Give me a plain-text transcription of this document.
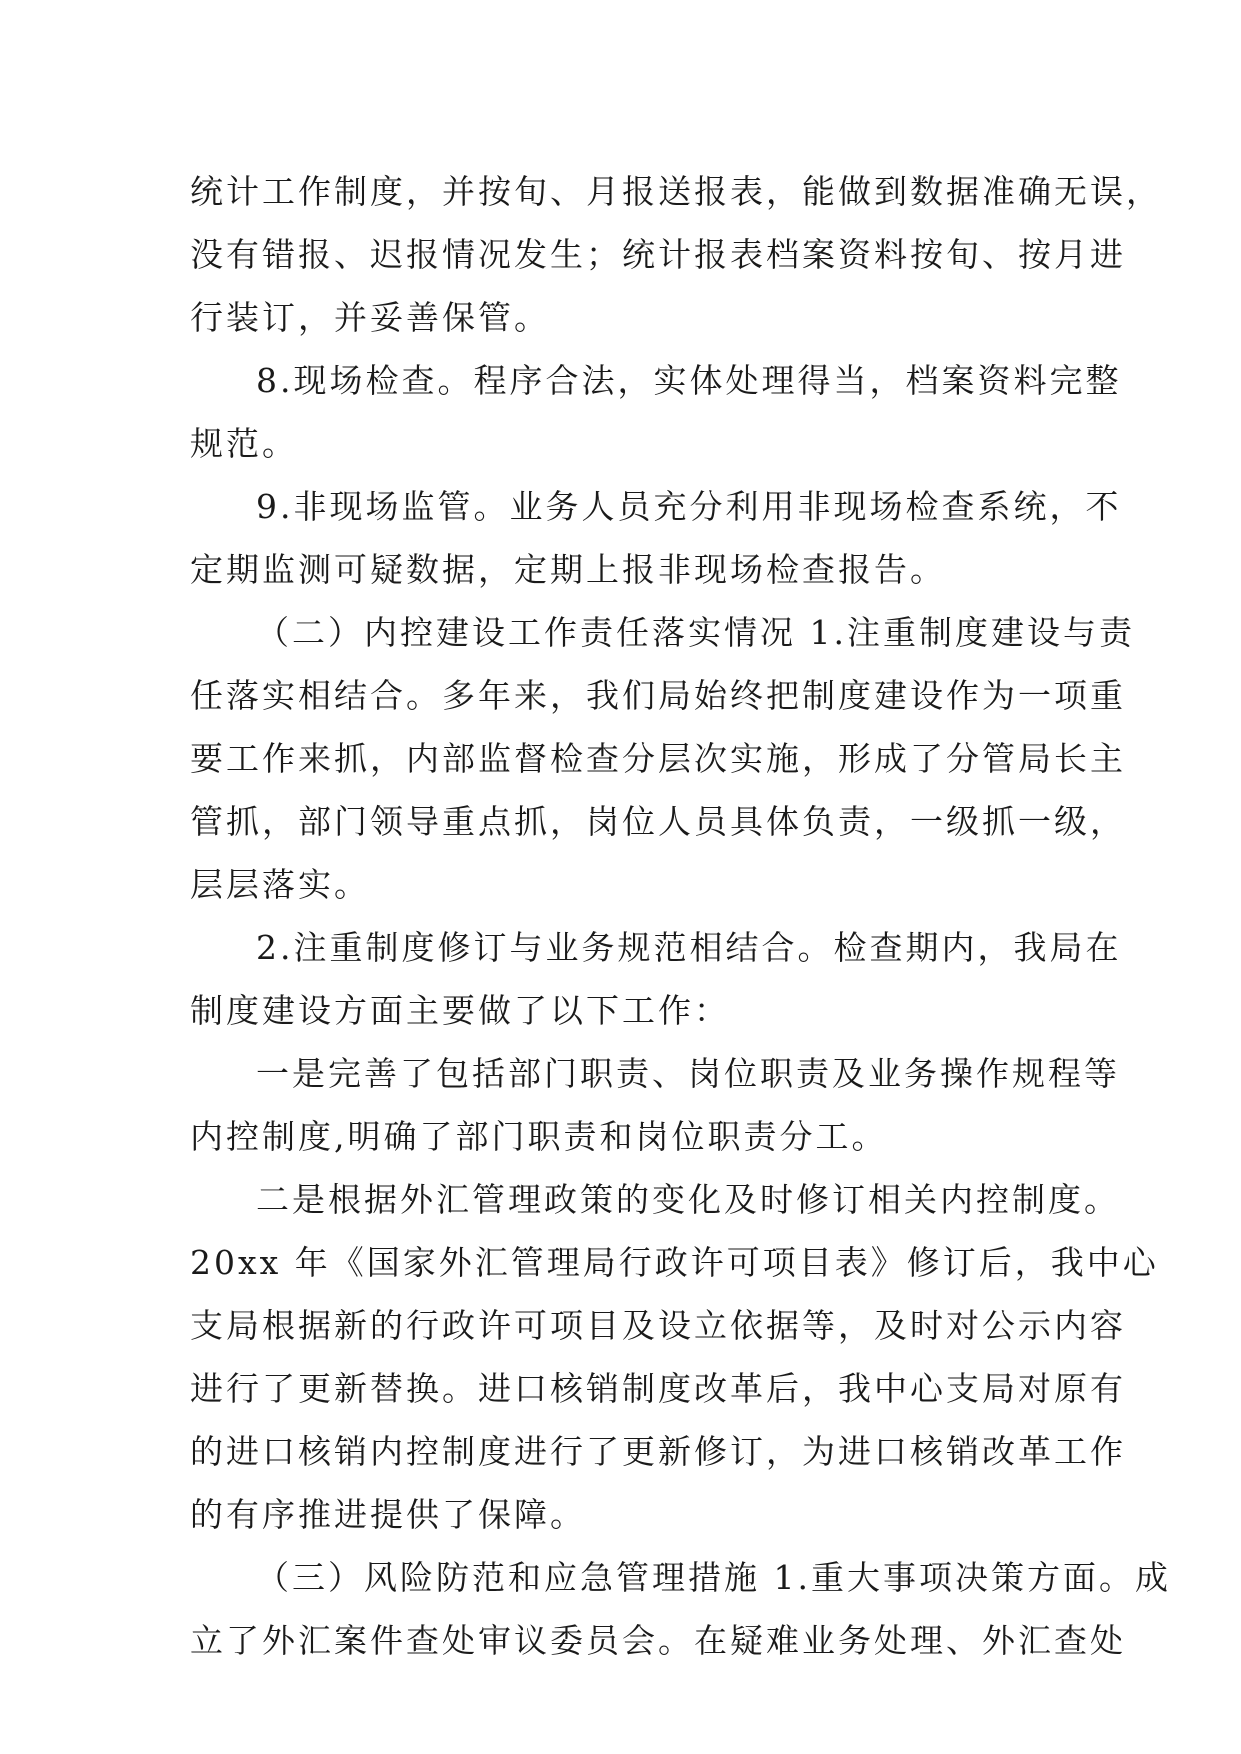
统计工作制度，并按旬、月报送报表，能做到数据准确无误，
没有错报、迟报情况发生；统计报表档案资料按旬、按月进
行装订，并妥善保管。
8.现场检查。程序合法，实体处理得当，档案资料完整
规范。
9.非现场监管。业务人员充分利用非现场检查系统，不
定期监测可疑数据，定期上报非现场检查报告。
（二）内控建设工作责任落实情况 1.注重制度建设与责
任落实相结合。多年来，我们局始终把制度建设作为一项重
要工作来抓，内部监督检查分层次实施，形成了分管局长主
管抓，部门领导重点抓，岗位人员具体负责，一级抓一级，
层层落实。
2.注重制度修订与业务规范相结合。检查期内，我局在
制度建设方面主要做了以下工作：
一是完善了包括部门职责、岗位职责及业务操作规程等
内控制度,明确了部门职责和岗位职责分工。
二是根据外汇管理政策的变化及时修订相关内控制度。
20xx 年《国家外汇管理局行政许可项目表》修订后，我中心
支局根据新的行政许可项目及设立依据等，及时对公示内容
进行了更新替换。进口核销制度改革后，我中心支局对原有
的进口核销内控制度进行了更新修订，为进口核销改革工作
的有序推进提供了保障。
（三）风险防范和应急管理措施 1.重大事项决策方面。成
立了外汇案件查处审议委员会。在疑难业务处理、外汇查处
